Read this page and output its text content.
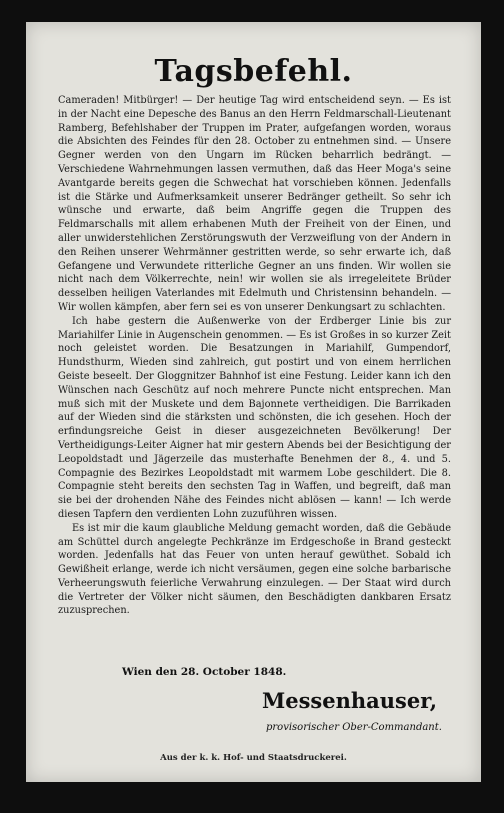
Tagsbefehl.

Cameraden! Mitbürger! — Der heutige Tag wird entscheidend seyn. — Es ist in der Nacht eine Depesche des Banus an den Herrn Feldmarschall-Lieutenant Ramberg, Befehlshaber der Truppen im Prater, aufgefangen worden, woraus die Absichten des Feindes für den 28. October zu entnehmen sind. — Unsere Gegner werden von den Ungarn im Rücken beharrlich bedrängt. — Verschiedene Wahrnehmungen lassen vermuthen, daß das Heer Moga's seine Avantgarde bereits gegen die Schwechat hat vorschieben können. Jedenfalls ist die Stärke und Aufmerksamkeit unserer Bedränger getheilt. So sehr ich wünsche und erwarte, daß beim Angriffe gegen die Truppen des Feldmarschalls mit allem erhabenen Muth der Freiheit von der Einen, und aller unwiderstehlichen Zerstörungswuth der Verzweiflung von der Andern in den Reihen unserer Wehrmänner gestritten werde, so sehr erwarte ich, daß Gefangene und Verwundete ritterliche Gegner an uns finden. Wir wollen sie nicht nach dem Völkerrechte, nein! wir wollen sie als irregeleitete Brüder desselben heiligen Vaterlandes mit Edelmuth und Christensinn behandeln. — Wir wollen kämpfen, aber fern sei es von unserer Denkungsart zu schlachten.

Ich habe gestern die Außenwerke von der Erdberger Linie bis zur Mariahilfer Linie in Augenschein genommen. — Es ist Großes in so kurzer Zeit noch geleistet worden. Die Besatzungen in Mariahilf, Gumpendorf, Hundsthurm, Wieden sind zahlreich, gut postirt und von einem herrlichen Geiste beseelt. Der Gloggnitzer Bahnhof ist eine Festung. Leider kann ich den Wünschen nach Geschütz auf noch mehrere Puncte nicht entsprechen. Man muß sich mit der Muskete und dem Bajonnete vertheidigen. Die Barrikaden auf der Wieden sind die stärksten und schönsten, die ich gesehen. Hoch der erfindungsreiche Geist in dieser ausgezeichneten Bevölkerung! Der Vertheidigungs-Leiter Aigner hat mir gestern Abends bei der Besichtigung der Leopoldstadt und Jägerzeile das musterhafte Benehmen der 8., 4. und 5. Compagnie des Bezirkes Leopoldstadt mit warmem Lobe geschildert. Die 8. Compagnie steht bereits den sechsten Tag in Waffen, und begreift, daß man sie bei der drohenden Nähe des Feindes nicht ablösen — kann! — Ich werde diesen Tapfern den verdienten Lohn zuzuführen wissen.

Es ist mir die kaum glaubliche Meldung gemacht worden, daß die Gebäude am Schüttel durch angelegte Pechkränze im Erdgeschoße in Brand gesteckt worden. Jedenfalls hat das Feuer von unten herauf gewüthet. Sobald ich Gewißheit erlange, werde ich nicht versäumen, gegen eine solche barbarische Verheerungswuth feierliche Verwahrung einzulegen. — Der Staat wird durch die Vertreter der Völker nicht säumen, den Beschädigten dankbaren Ersatz zuzusprechen.

Wien den 28. October 1848.
Messenhauser,
provisorischer Ober-Commandant.
Aus der k. k. Hof- und Staatsdruckerei.
